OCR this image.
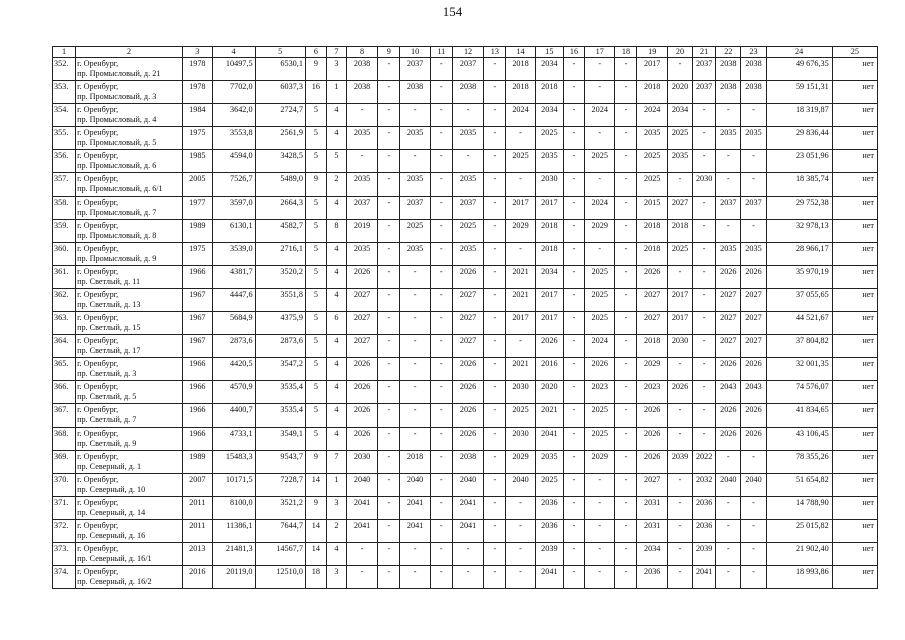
154
1	2	3	4	5	6	7	8	9	10	11	12	13	14	15	16	17	18	19	20	21	22	23	24	25
352.	г. Оренбург,
пр. Промысловый, д. 21	1978	10497,5	6530,1	9	3	2038	-	2037	-	2037	-	2018	2034	-	-	-	2017	-	2037	2038	2038	49 676,35	нет
353.	г. Оренбург,
пр. Промысловый, д. 3	1978	7702,0	6037,3	16	1	2038	-	2038	-	2038	-	2018	2018	-	-	-	2018	2020	2037	2038	2038	59 151,31	нет
354.	г. Оренбург,
пр. Промысловый, д. 4	1984	3642,0	2724,7	5	4	-	-	-	-	-	-	2024	2034	-	2024	-	2024	2034	-	-	-	18 319,87	нет
355.	г. Оренбург,
пр. Промысловый, д. 5	1975	3553,8	2561,9	5	4	2035	-	2035	-	2035	-	-	2025	-	-	-	2035	2025	-	2035	2035	29 836,44	нет
356.	г. Оренбург,
пр. Промысловый, д. 6	1985	4594,0	3428,5	5	5	-	-	-	-	-	-	2025	2035	-	2025	-	2025	2035	-	-	-	23 051,96	нет
357.	г. Оренбург,
пр. Промысловый, д. 6/1	2005	7526,7	5489,0	9	2	2035	-	2035	-	2035	-	-	2030	-	-	-	2025	-	2030	-	-	18 385,74	нет
358.	г. Оренбург,
пр. Промысловый, д. 7	1977	3597,0	2664,3	5	4	2037	-	2037	-	2037	-	2017	2017	-	2024	-	2015	2027	-	2037	2037	29 752,38	нет
359.	г. Оренбург,
пр. Промысловый, д. 8	1989	6130,1	4582,7	5	8	2019	-	2025	-	2025	-	2029	2018	-	2029	-	2018	2018	-	-	-	32 978,13	нет
360.	г. Оренбург,
пр. Промысловый, д. 9	1975	3539,0	2716,1	5	4	2035	-	2035	-	2035	-	-	2018	-	-	-	2018	2025	-	2035	2035	28 966,17	нет
361.	г. Оренбург,
пр. Светлый, д. 11	1966	4381,7	3520,2	5	4	2026	-	-	-	2026	-	2021	2034	-	2025	-	2026	-	-	2026	2026	35 970,19	нет
362.	г. Оренбург,
пр. Светлый, д. 13	1967	4447,6	3551,8	5	4	2027	-	-	-	2027	-	2021	2017	-	2025	-	2027	2017	-	2027	2027	37 055,65	нет
363.	г. Оренбург,
пр. Светлый, д. 15	1967	5684,9	4375,9	5	6	2027	-	-	-	2027	-	2017	2017	-	2025	-	2027	2017	-	2027	2027	44 521,67	нет
364.	г. Оренбург,
пр. Светлый, д. 17	1967	2873,6	2873,6	5	4	2027	-	-	-	2027	-	-	2026	-	2024	-	2018	2030	-	2027	2027	37 804,82	нет
365.	г. Оренбург,
пр. Светлый, д. 3	1966	4420,5	3547,2	5	4	2026	-	-	-	2026	-	2021	2016	-	2026	-	2029	-	-	2026	2026	32 001,35	нет
366.	г. Оренбург,
пр. Светлый, д. 5	1966	4570,9	3535,4	5	4	2026	-	-	-	2026	-	2030	2020	-	2023	-	2023	2026	-	2043	2043	74 576,07	нет
367.	г. Оренбург,
пр. Светлый, д. 7	1966	4400,7	3535,4	5	4	2026	-	-	-	2026	-	2025	2021	-	2025	-	2026	-	-	2026	2026	41 834,65	нет
368.	г. Оренбург,
пр. Светлый, д. 9	1966	4733,1	3549,1	5	4	2026	-	-	-	2026	-	2030	2041	-	2025	-	2026	-	-	2026	2026	43 106,45	нет
369.	г. Оренбург,
пр. Северный, д. 1	1989	15483,3	9543,7	9	7	2030	-	2018	-	2038	-	2029	2035	-	2029	-	2026	2039	2022	-	-	78 355,26	нет
370.	г. Оренбург,
пр. Северный, д. 10	2007	10171,5	7228,7	14	1	2040	-	2040	-	2040	-	2040	2025	-	-	-	2027	-	2032	2040	2040	51 654,82	нет
371.	г. Оренбург,
пр. Северный, д. 14	2011	8100,0	3521,2	9	3	2041	-	2041	-	2041	-	-	2036	-	-	-	2031	-	2036	-	-	14 788,90	нет
372.	г. Оренбург,
пр. Северный, д. 16	2011	11386,1	7644,7	14	2	2041	-	2041	-	2041	-	-	2036	-	-	-	2031	-	2036	-	-	25 015,82	нет
373.	г. Оренбург,
пр. Северный, д. 16/1	2013	21481,3	14567,7	14	4	-	-	-	-	-	-	-	2039	-	-	-	2034	-	2039	-	-	21 902,40	нет
374.	г. Оренбург,
пр. Северный, д. 16/2	2016	20119,0	12510,0	18	3	-	-	-	-	-	-	-	2041	-	-	-	2036	-	2041	-	-	18 993,86	нет
